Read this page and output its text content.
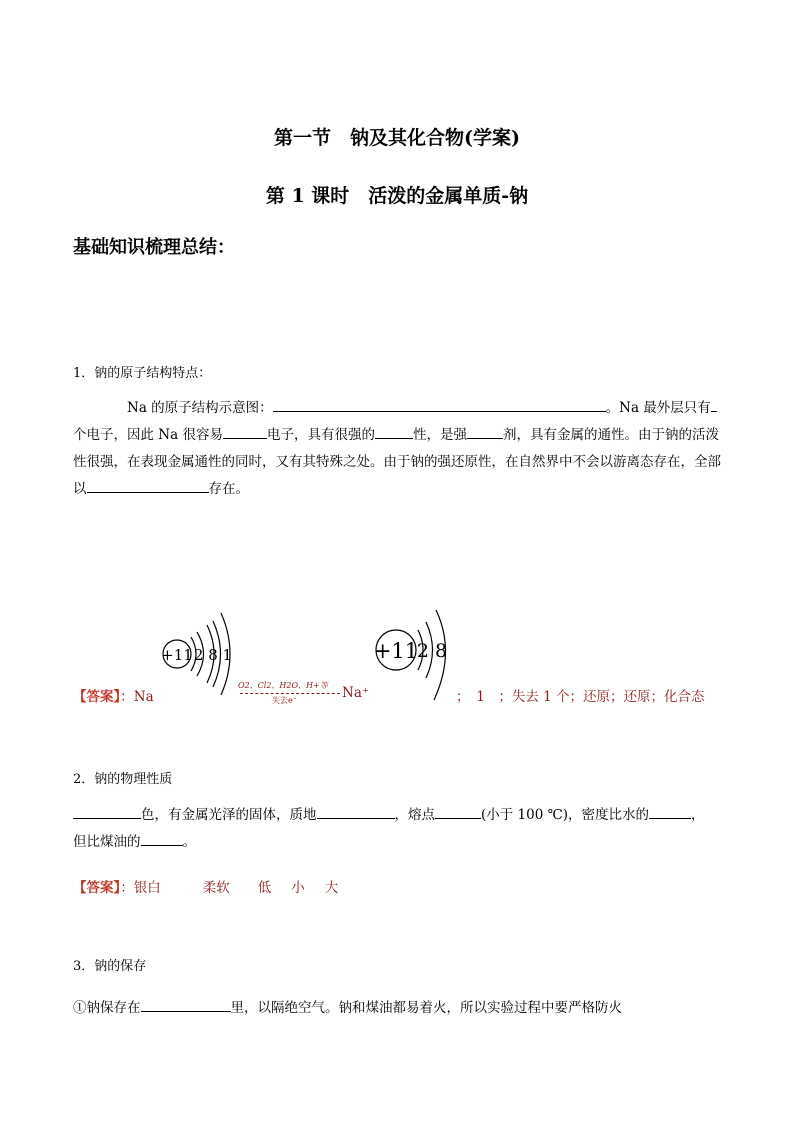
第一节　钠及其化合物(学案)
第 1 课时　活泼的金属单质-钠
基础知识梳理总结：
1．钠的原子结构特点：
Na 的原子结构示意图：	。Na 最外层只有个电子，因此 Na 很容易	电子，具有很强的	性，是强	剂，具有金属的通性。由于钠的活泼性很强，在表现金属通性的同时，又有其特殊之处。由于钠的强还原性，在自然界中不会以游离态存在，全部以	存在。
【答案】：Na
+11 2 8 1
O2、Cl2、H2O、H+等
失去e⁻	Na⁺
+11
2 8
；　1　；失去 1 个；还原；还原；化合态
2．钠的物理性质
色，有金属光泽的固体，质地	，熔点	(小于 100 ℃)，密度比水的	，
但比煤油的	。
【答案】：银白	柔软 低 小 大
3．钠的保存
①钠保存在	里，以隔绝空气。钠和煤油都易着火，所以实验过程中要严格防火
